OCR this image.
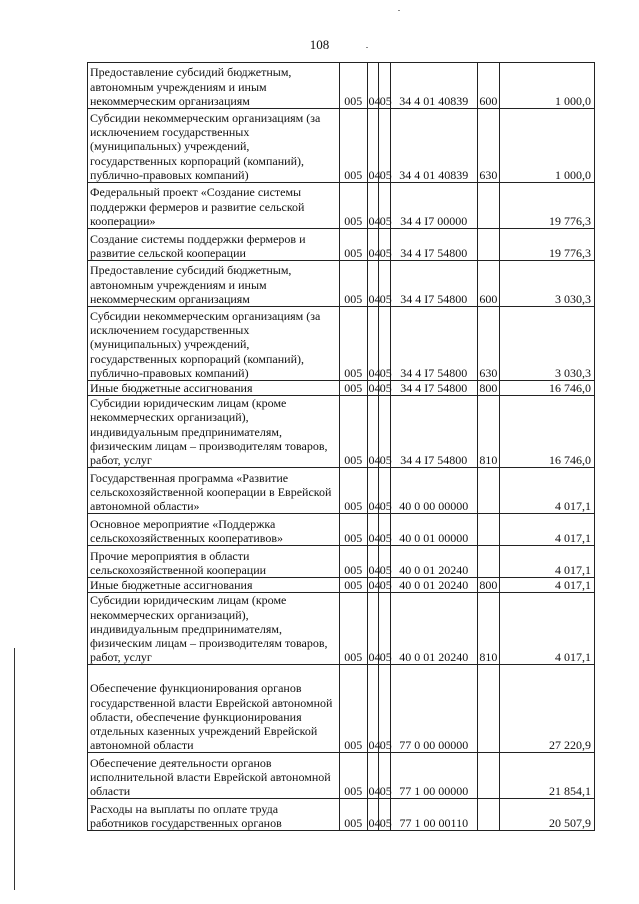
108
Предоставление субсидий бюджетным, автономным учреждениям и иным некоммерческим организациям	005	04	05	34 4 01 40839	600	1 000,0
Субсидии некоммерческим организациям (за исключением государственных (муниципальных) учреждений, государственных корпораций (компаний), публично-правовых компаний)	005	04	05	34 4 01 40839	630	1 000,0
Федеральный проект «Создание системы поддержки фермеров и развитие сельской кооперации»	005	04	05	34 4 I7 00000		19 776,3
Создание системы поддержки фермеров и развитие сельской кооперации	005	04	05	34 4 I7 54800		19 776,3
Предоставление субсидий бюджетным, автономным учреждениям и иным некоммерческим организациям	005	04	05	34 4 I7 54800	600	3 030,3
Субсидии некоммерческим организациям (за исключением государственных (муниципальных) учреждений, государственных корпораций (компаний), публично-правовых компаний)	005	04	05	34 4 I7 54800	630	3 030,3
Иные бюджетные ассигнования	005	04	05	34 4 I7 54800	800	16 746,0
Субсидии юридическим лицам (кроме некоммерческих организаций), индивидуальным предпринимателям, физическим лицам – производителям товаров, работ, услуг	005	04	05	34 4 I7 54800	810	16 746,0
Государственная программа «Развитие сельскохозяйственной кооперации в Еврейской автономной области»	005	04	05	40 0 00 00000		4 017,1
Основное мероприятие «Поддержка сельскохозяйственных кооперативов»	005	04	05	40 0 01 00000		4 017,1
Прочие мероприятия в области сельскохозяйственной кооперации	005	04	05	40 0 01 20240		4 017,1
Иные бюджетные ассигнования	005	04	05	40 0 01 20240	800	4 017,1
Субсидии юридическим лицам (кроме некоммерческих организаций), индивидуальным предпринимателям, физическим лицам – производителям товаров, работ, услуг	005	04	05	40 0 01 20240	810	4 017,1
Обеспечение функционирования органов государственной власти Еврейской автономной области, обеспечение функционирования отдельных казенных учреждений Еврейской автономной области	005	04	05	77 0 00 00000		27 220,9
Обеспечение деятельности органов исполнительной власти Еврейской автономной области	005	04	05	77 1 00 00000		21 854,1
Расходы на выплаты по оплате труда работников государственных органов	005	04	05	77 1 00 00110		20 507,9
